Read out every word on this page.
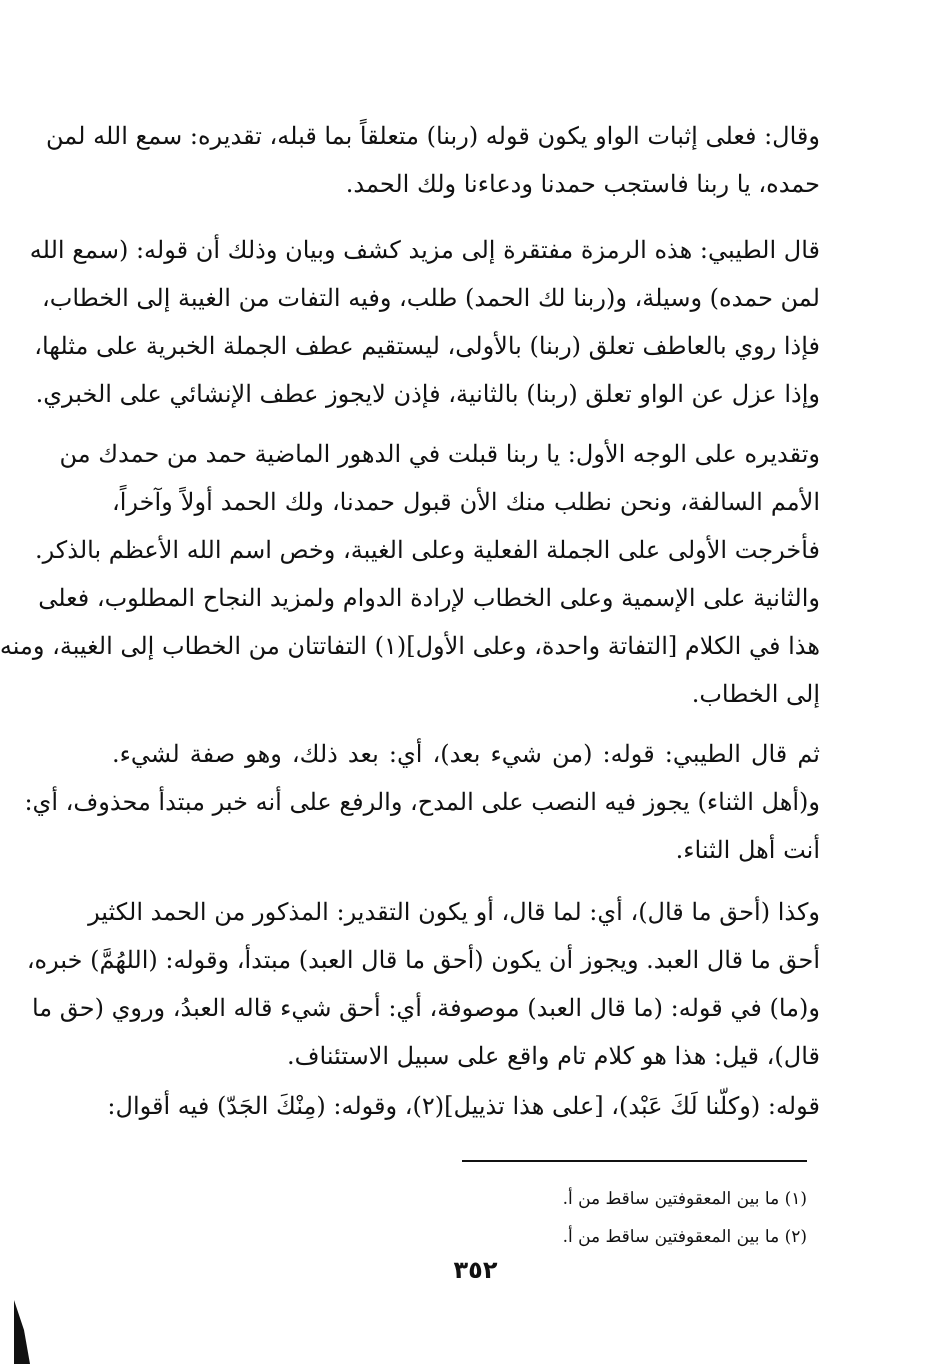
وقال: فعلى إثبات الواو يكون قوله (ربنا) متعلقاً بما قبله، تقديره: سمع الله لمن
حمده، يا ربنا فاستجب حمدنا ودعاءنا ولك الحمد.
قال الطيبي: هذه الرمزة مفتقرة إلى مزيد كشف وبيان وذلك أن قوله: (سمع الله
لمن حمده) وسيلة، و(ربنا لك الحمد) طلب، وفيه التفات من الغيبة إلى الخطاب،
فإذا روي بالعاطف تعلق (ربنا) بالأولى، ليستقيم عطف الجملة الخبرية على مثلها،
وإذا عزل عن الواو تعلق (ربنا) بالثانية، فإذن لايجوز عطف الإنشائي على الخبري.
وتقديره على الوجه الأول: يا ربنا قبلت في الدهور الماضية حمد من حمدك من
الأمم السالفة، ونحن نطلب منك الأن قبول حمدنا، ولك الحمد أولاً وآخراً،
فأخرجت الأولى على الجملة الفعلية وعلى الغيبة، وخص اسم الله الأعظم بالذكر.
والثانية على الإسمية وعلى الخطاب لإرادة الدوام ولمزيد النجاح المطلوب، فعلى
هذا في الكلام [التفاتة واحدة، وعلى الأول](١) التفاتتان من الخطاب إلى الغيبة، ومنه
إلى الخطاب.
ثم قال الطيبي: قوله: (من شيء بعد)، أي: بعد ذلك، وهو صفة لشيء.
و(أهل الثناء) يجوز فيه النصب على المدح، والرفع على أنه خبر مبتدأ محذوف، أي:
أنت أهل الثناء.
وكذا (أحق ما قال)، أي: لما قال، أو يكون التقدير: المذكور من الحمد الكثير
أحق ما قال العبد. ويجوز أن يكون (أحق ما قال العبد) مبتدأ، وقوله: (اللهُمَّ) خبره،
و(ما) في قوله: (ما قال العبد) موصوفة، أي: أحق شيء قاله العبدُ، وروي (حق ما
قال)، قيل: هذا هو كلام تام واقع على سبيل الاستئناف.
قوله: (وكلّنا لَكَ عَبْد)، [على هذا تذييل](٢)، وقوله: (مِنْكَ الجَدّ) فيه أقوال:
(١) ما بين المعقوفتين ساقط من أ.
(٢) ما بين المعقوفتين ساقط من أ.
٣٥٢
